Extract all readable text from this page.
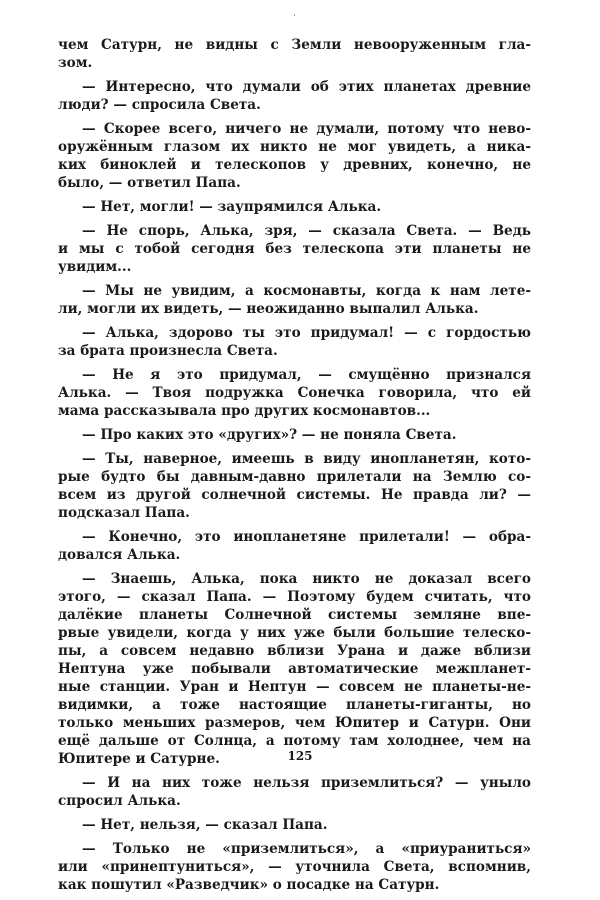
чем Сатурн, не видны с Земли невооруженным гла-
зом.
— Интересно, что думали об этих планетах древние
люди? — спросила Света.
— Скорее всего, ничего не думали, потому что нево-
оружённым глазом их никто не мог увидеть, а ника-
ких биноклей и телескопов у древних, конечно, не
было, — ответил Папа.
— Нет, могли! — заупрямился Алька.
— Не спорь, Алька, зря, — сказала Света. — Ведь
и мы с тобой сегодня без телескопа эти планеты не
увидим...
— Мы не увидим, а космонавты, когда к нам лете-
ли, могли их видеть, — неожиданно выпалил Алька.
— Алька, здорово ты это придумал! — с гордостью
за брата произнесла Света.
— Не я это придумал, — смущённо признался
Алька. — Твоя подружка Сонечка говорила, что ей
мама рассказывала про других космонавтов...
— Про каких это «других»? — не поняла Света.
— Ты, наверное, имеешь в виду инопланетян, кото-
рые будто бы давным-давно прилетали на Землю со-
всем из другой солнечной системы. Не правда ли? —
подсказал Папа.
— Конечно, это инопланетяне прилетали! — обра-
довался Алька.
— Знаешь, Алька, пока никто не доказал всего
этого, — сказал Папа. — Поэтому будем считать, что
далёкие планеты Солнечной системы земляне впе-
рвые увидели, когда у них уже были большие телеско-
пы, а совсем недавно вблизи Урана и даже вблизи
Нептуна уже побывали автоматические межпланет-
ные станции. Уран и Нептун — совсем не планеты-не-
видимки, а тоже настоящие планеты-гиганты, но
только меньших размеров, чем Юпитер и Сатурн. Они
ещё дальше от Солнца, а потому там холоднее, чем на
Юпитере и Сатурне.
— И на них тоже нельзя приземлиться? — уныло
спросил Алька.
— Нет, нельзя, — сказал Папа.
— Только не «приземлиться», а «приураниться»
или «принептуниться», — уточнила Света, вспомнив,
как пошутил «Разведчик» о посадке на Сатурн.
125
